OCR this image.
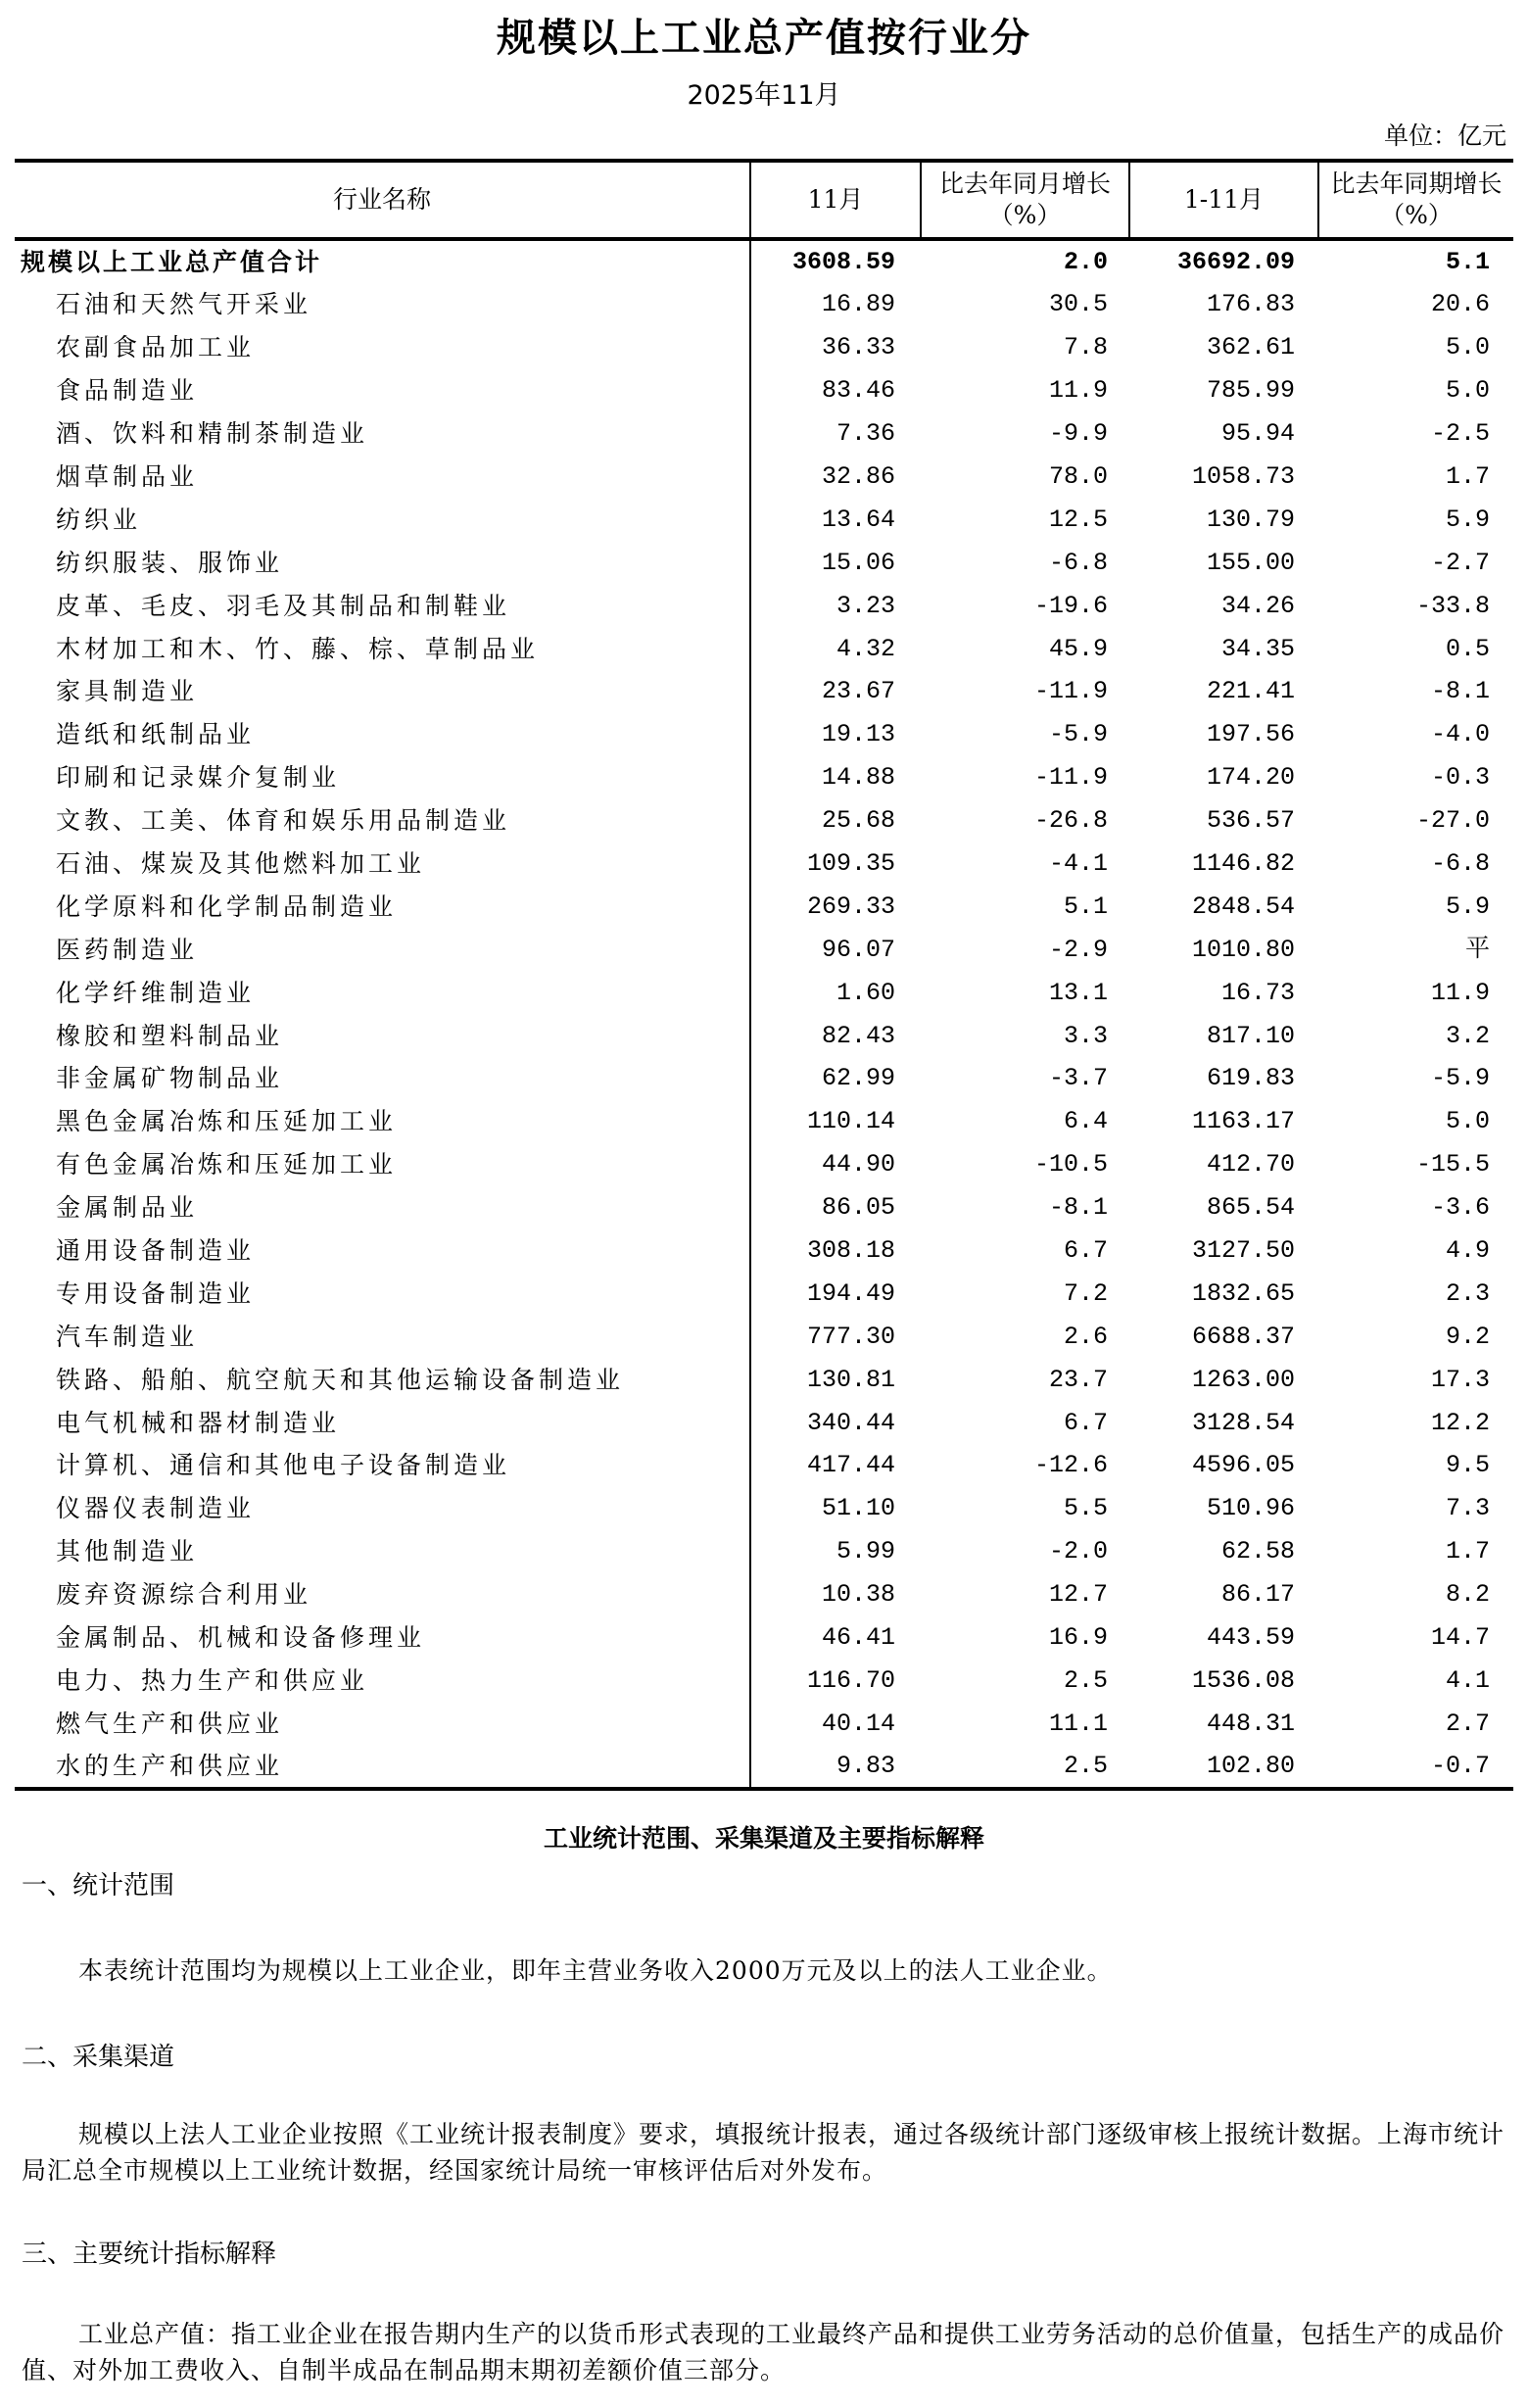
规模以上工业总产值按行业分
2025年11月
单位：亿元
行业名称	11月	比去年同月增长（%）	1-11月	比去年同期增长（%）
规模以上工业总产值合计	3608.59	2.0	36692.09	5.1
石油和天然气开采业	16.89	30.5	176.83	20.6
农副食品加工业	36.33	7.8	362.61	5.0
食品制造业	83.46	11.9	785.99	5.0
酒、饮料和精制茶制造业	7.36	-9.9	95.94	-2.5
烟草制品业	32.86	78.0	1058.73	1.7
纺织业	13.64	12.5	130.79	5.9
纺织服装、服饰业	15.06	-6.8	155.00	-2.7
皮革、毛皮、羽毛及其制品和制鞋业	3.23	-19.6	34.26	-33.8
木材加工和木、竹、藤、棕、草制品业	4.32	45.9	34.35	0.5
家具制造业	23.67	-11.9	221.41	-8.1
造纸和纸制品业	19.13	-5.9	197.56	-4.0
印刷和记录媒介复制业	14.88	-11.9	174.20	-0.3
文教、工美、体育和娱乐用品制造业	25.68	-26.8	536.57	-27.0
石油、煤炭及其他燃料加工业	109.35	-4.1	1146.82	-6.8
化学原料和化学制品制造业	269.33	5.1	2848.54	5.9
医药制造业	96.07	-2.9	1010.80	平
化学纤维制造业	1.60	13.1	16.73	11.9
橡胶和塑料制品业	82.43	3.3	817.10	3.2
非金属矿物制品业	62.99	-3.7	619.83	-5.9
黑色金属冶炼和压延加工业	110.14	6.4	1163.17	5.0
有色金属冶炼和压延加工业	44.90	-10.5	412.70	-15.5
金属制品业	86.05	-8.1	865.54	-3.6
通用设备制造业	308.18	6.7	3127.50	4.9
专用设备制造业	194.49	7.2	1832.65	2.3
汽车制造业	777.30	2.6	6688.37	9.2
铁路、船舶、航空航天和其他运输设备制造业	130.81	23.7	1263.00	17.3
电气机械和器材制造业	340.44	6.7	3128.54	12.2
计算机、通信和其他电子设备制造业	417.44	-12.6	4596.05	9.5
仪器仪表制造业	51.10	5.5	510.96	7.3
其他制造业	5.99	-2.0	62.58	1.7
废弃资源综合利用业	10.38	12.7	86.17	8.2
金属制品、机械和设备修理业	46.41	16.9	443.59	14.7
电力、热力生产和供应业	116.70	2.5	1536.08	4.1
燃气生产和供应业	40.14	11.1	448.31	2.7
水的生产和供应业	9.83	2.5	102.80	-0.7
工业统计范围、采集渠道及主要指标解释
一、统计范围
本表统计范围均为规模以上工业企业，即年主营业务收入2000万元及以上的法人工业企业。
二、采集渠道
规模以上法人工业企业按照《工业统计报表制度》要求，填报统计报表，通过各级统计部门逐级审核上报统计数据。上海市统计局汇总全市规模以上工业统计数据，经国家统计局统一审核评估后对外发布。
三、主要统计指标解释
工业总产值：指工业企业在报告期内生产的以货币形式表现的工业最终产品和提供工业劳务活动的总价值量，包括生产的成品价值、对外加工费收入、自制半成品在制品期末期初差额价值三部分。
